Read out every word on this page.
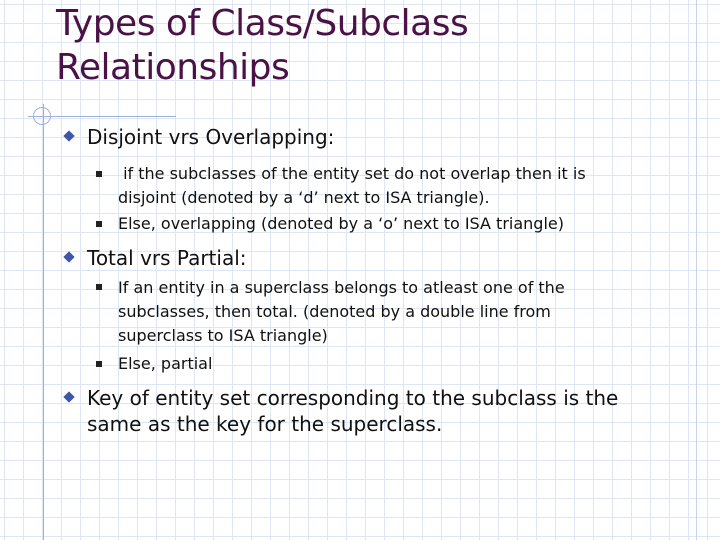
Types of Class/Subclass
Relationships
Disjoint vrs Overlapping:
if the subclasses of the entity set do not overlap then it is
disjoint (denoted by a ‘d’ next to ISA triangle).
Else, overlapping (denoted by a ‘o’ next to ISA triangle)
Total vrs Partial:
If an entity in a superclass belongs to atleast one of the
subclasses, then total. (denoted by a double line from
superclass to ISA triangle)
Else, partial
Key of entity set corresponding to the subclass is the
same as the key for the superclass.
